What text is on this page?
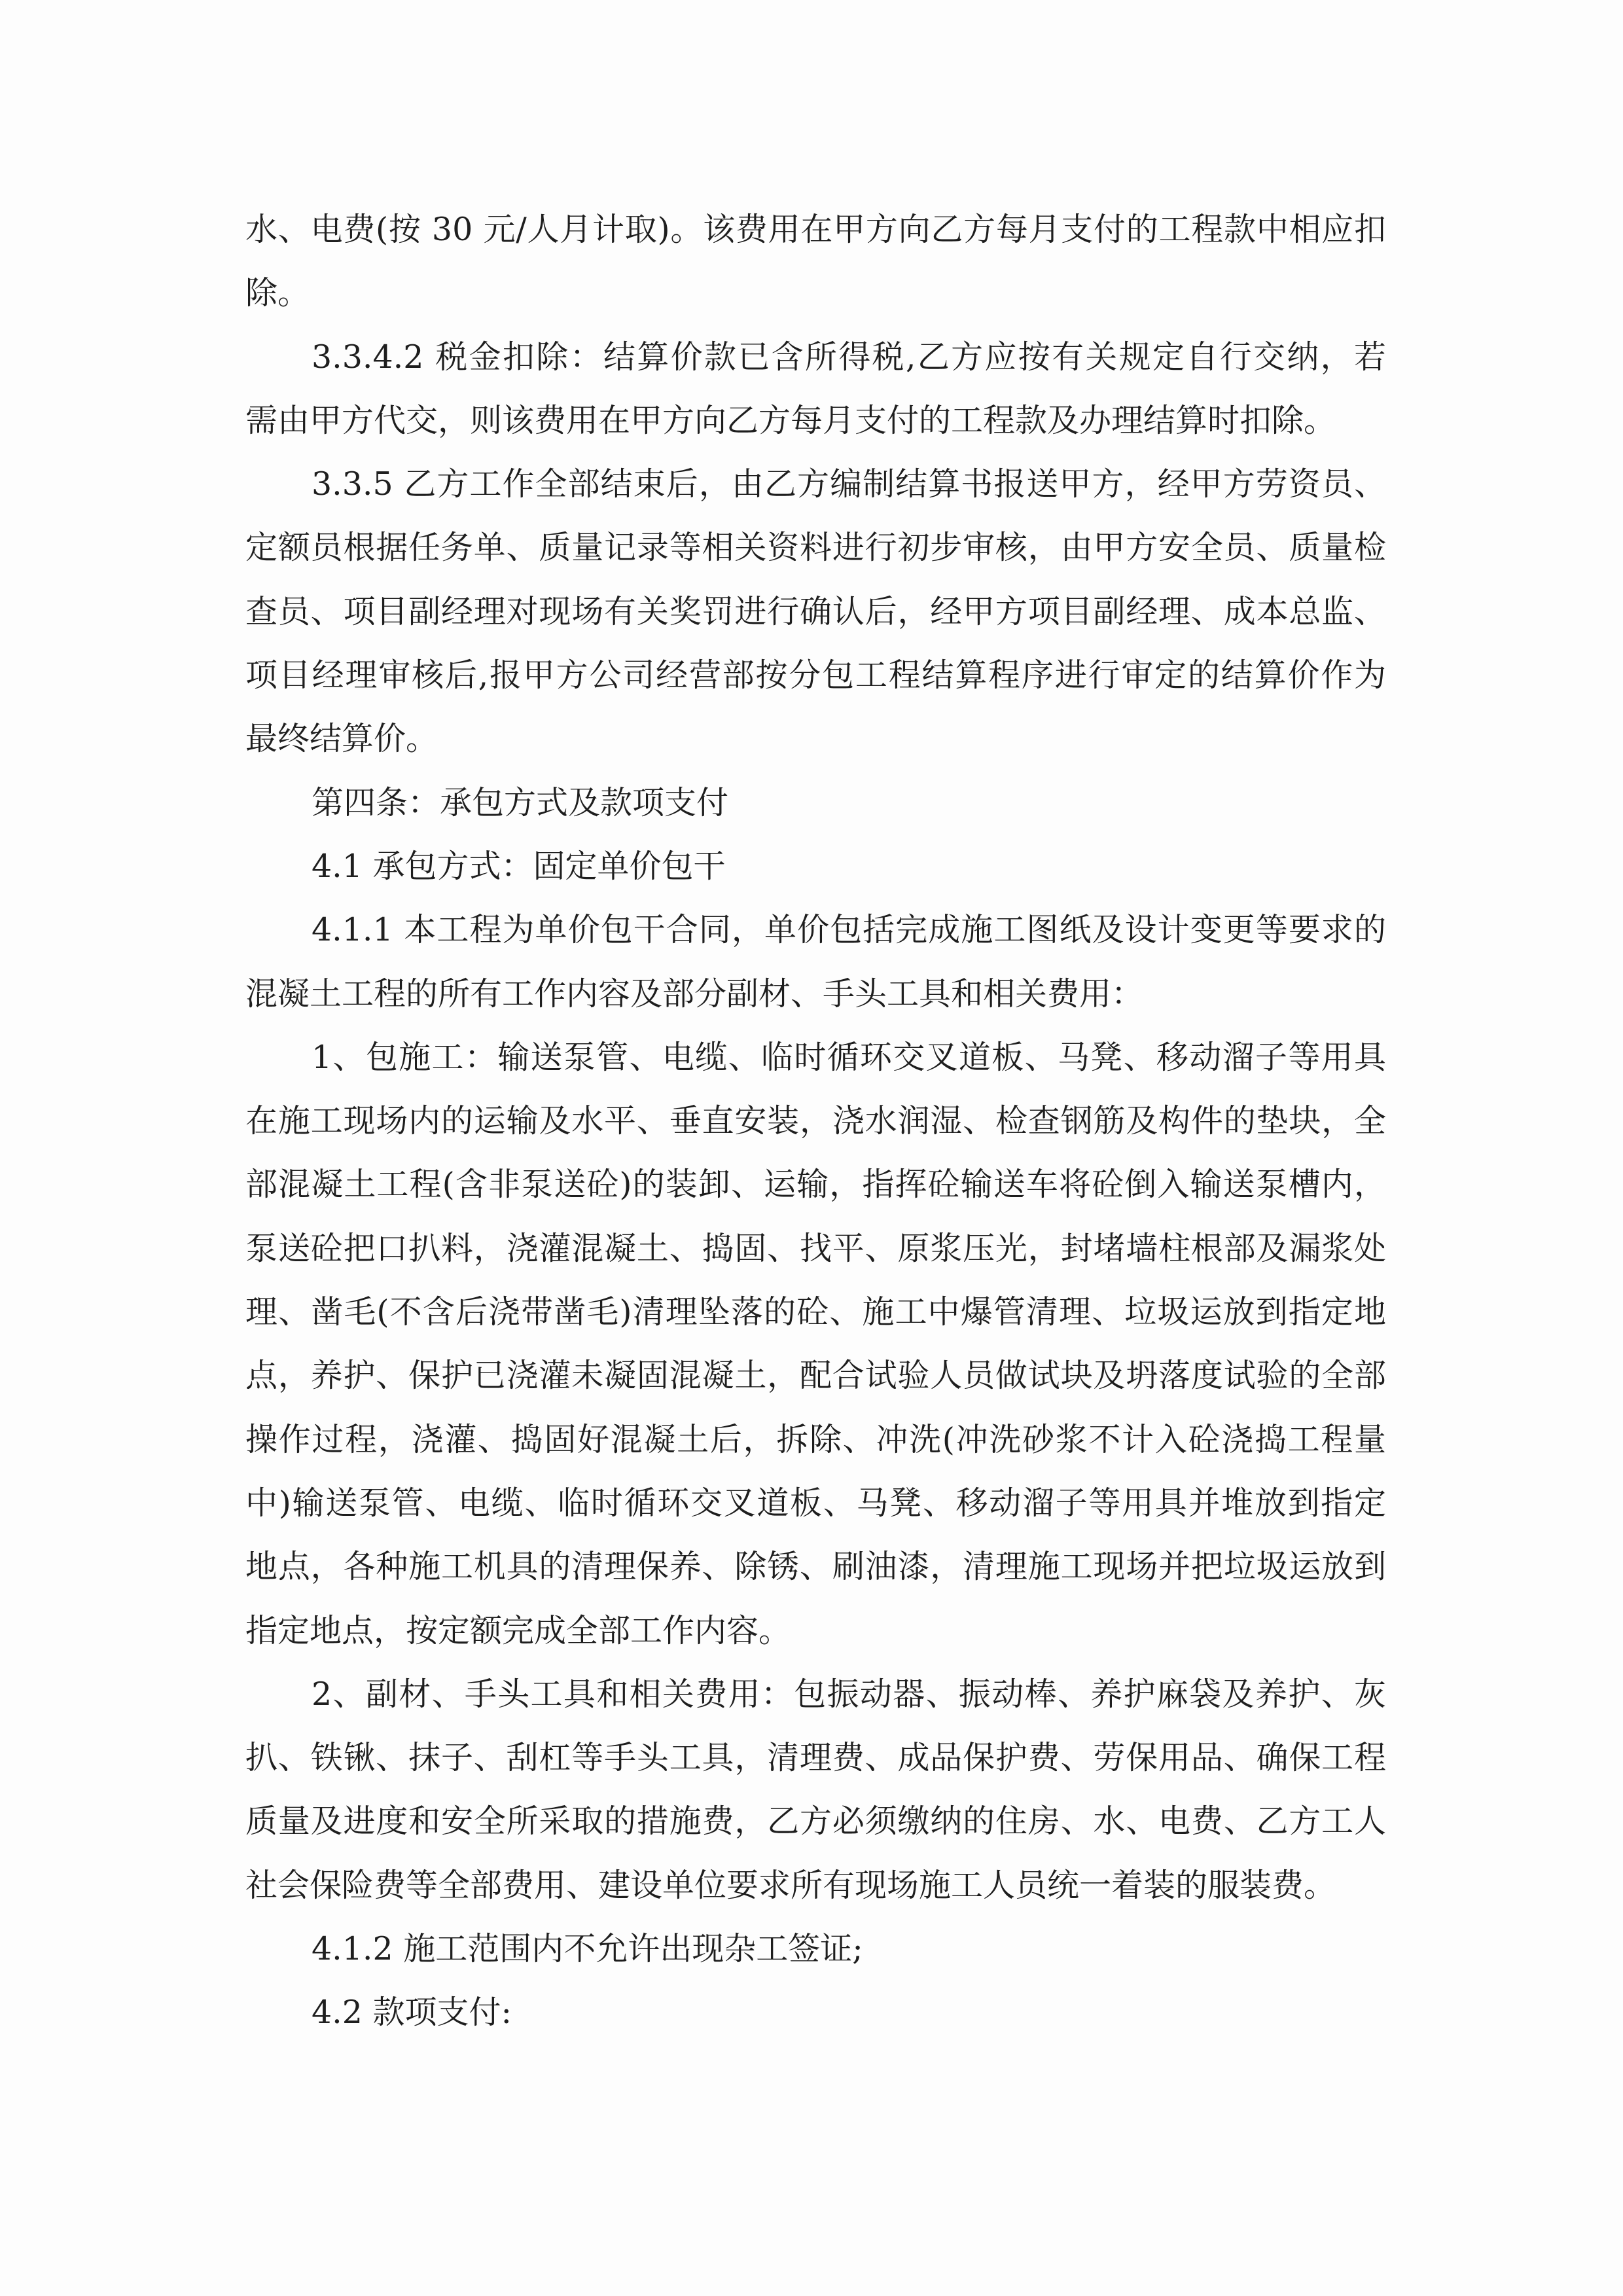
水、电费(按 30 元/人月计取)。该费用在甲方向乙方每月支付的工程款中相应扣
除。
3.3.4.2 税金扣除：结算价款已含所得税,乙方应按有关规定自行交纳，若
需由甲方代交，则该费用在甲方向乙方每月支付的工程款及办理结算时扣除。
3.3.5 乙方工作全部结束后，由乙方编制结算书报送甲方，经甲方劳资员、
定额员根据任务单、质量记录等相关资料进行初步审核，由甲方安全员、质量检
查员、项目副经理对现场有关奖罚进行确认后，经甲方项目副经理、成本总监、
项目经理审核后,报甲方公司经营部按分包工程结算程序进行审定的结算价作为
最终结算价。
第四条：承包方式及款项支付
4.1 承包方式：固定单价包干
4.1.1 本工程为单价包干合同，单价包括完成施工图纸及设计变更等要求的
混凝土工程的所有工作内容及部分副材、手头工具和相关费用：
1、包施工：输送泵管、电缆、临时循环交叉道板、马凳、移动溜子等用具
在施工现场内的运输及水平、垂直安装，浇水润湿、检查钢筋及构件的垫块，全
部混凝土工程(含非泵送砼)的装卸、运输，指挥砼输送车将砼倒入输送泵槽内，
泵送砼把口扒料，浇灌混凝土、捣固、找平、原浆压光，封堵墙柱根部及漏浆处
理、凿毛(不含后浇带凿毛)清理坠落的砼、施工中爆管清理、垃圾运放到指定地
点，养护、保护已浇灌未凝固混凝土，配合试验人员做试块及坍落度试验的全部
操作过程，浇灌、捣固好混凝土后，拆除、冲洗(冲洗砂浆不计入砼浇捣工程量
中)输送泵管、电缆、临时循环交叉道板、马凳、移动溜子等用具并堆放到指定
地点，各种施工机具的清理保养、除锈、刷油漆，清理施工现场并把垃圾运放到
指定地点，按定额完成全部工作内容。
2、副材、手头工具和相关费用：包振动器、振动棒、养护麻袋及养护、灰
扒、铁锹、抹子、刮杠等手头工具，清理费、成品保护费、劳保用品、确保工程
质量及进度和安全所采取的措施费，乙方必须缴纳的住房、水、电费、乙方工人
社会保险费等全部费用、建设单位要求所有现场施工人员统一着装的服装费。
4.1.2 施工范围内不允许出现杂工签证;
4.2 款项支付:
